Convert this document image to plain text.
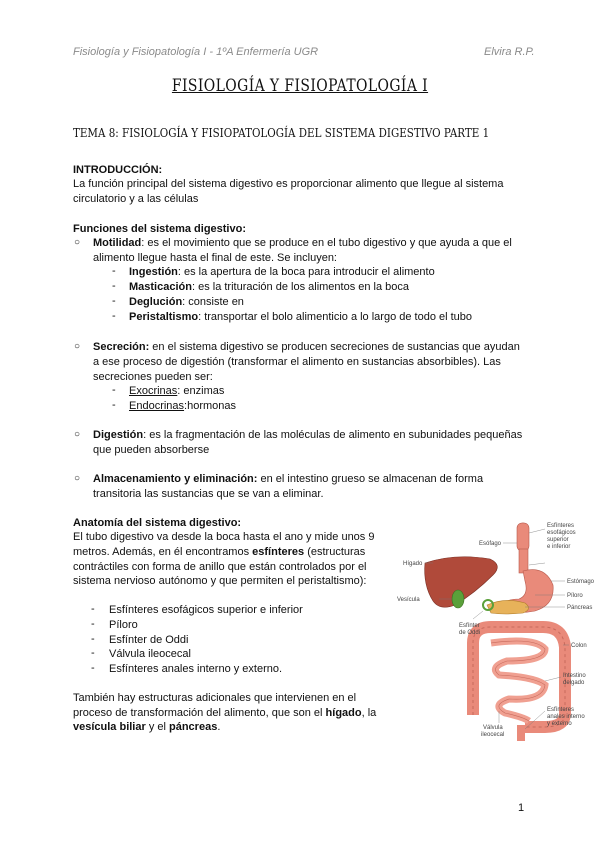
Fisiología y Fisiopatología I - 1ºA Enfermería UGR	Elvira R.P.
FISIOLOGÍA Y FISIOPATOLOGÍA I
TEMA 8: FISIOLOGÍA Y FISIOPATOLOGÍA DEL SISTEMA DIGESTIVO PARTE 1
INTRODUCCIÓN:
La función principal del sistema digestivo es proporcionar alimento que llegue al sistema
circulatorio y a las células
Funciones del sistema digestivo:
○ Motilidad: es el movimiento que se produce en el tubo digestivo y que ayuda a que el
alimento llegue hasta el final de este. Se incluyen:
- Ingestión: es la apertura de la boca para introducir el alimento
- Masticación: es la trituración de los alimentos en la boca
- Deglución: consiste en
- Peristaltismo: transportar el bolo alimenticio a lo largo de todo el tubo
○ Secreción: en el sistema digestivo se producen secreciones de sustancias que ayudan
a ese proceso de digestión (transformar el alimento en sustancias absorbibles). Las
secreciones pueden ser:
- Exocrinas: enzimas
- Endocrinas:hormonas
○ Digestión: es la fragmentación de las moléculas de alimento en subunidades pequeñas
que pueden absorberse
○ Almacenamiento y eliminación: en el intestino grueso se almacenan de forma
transitoria las sustancias que se van a eliminar.
Anatomía del sistema digestivo:
El tubo digestivo va desde la boca hasta el ano y mide unos 9
metros. Además, en él encontramos esfínteres (estructuras
contráctiles con forma de anillo que están controlados por el
sistema nervioso autónomo y que permiten el peristaltismo):
- Esfínteres esofágicos superior e inferior
- Píloro
- Esfínter de Oddi
- Válvula ileocecal
- Esfínteres anales interno y externo.
También hay estructuras adicionales que intervienen en el
proceso de transformación del alimento, que son el hígado, la
vesícula biliar y el páncreas.
Esófago
Esfínteres
esofágicos
superior
e inferior
Hígado
Estómago
Vesícula
Píloro
Páncreas
Esfínter
de Oddi
Colon
Intestino
delgado
Válvula
ileocecal
Esfínteres
anales interno
y externo
1
